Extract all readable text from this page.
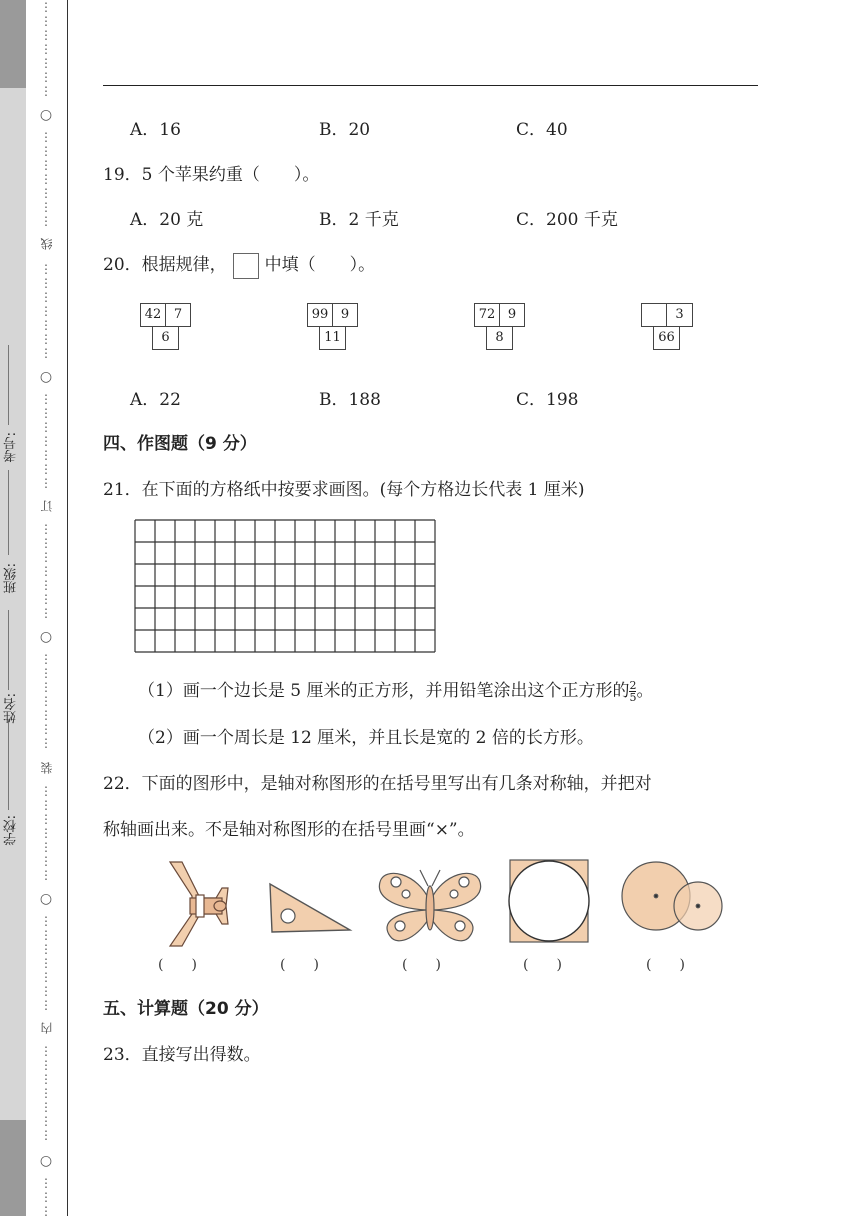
学校:
姓名:
班级:
考号:
⋮
⋮
⋮
⋮
⋮
⋮
⋮
○
⋮
⋮
⋮
⋮
⋮
⋮
⋮
线
⋮
⋮
⋮
⋮
⋮
⋮
⋮
○
⋮
⋮
⋮
⋮
⋮
⋮
⋮
订
⋮
⋮
⋮
⋮
⋮
⋮
⋮
○
⋮
⋮
⋮
⋮
⋮
⋮
⋮
装
⋮
⋮
⋮
⋮
⋮
⋮
⋮
○
⋮
⋮
⋮
⋮
⋮
⋮
⋮
内
⋮
⋮
⋮
⋮
⋮
⋮
⋮
○
⋮
⋮
⋮
A．16	B．20	C．40
19．5 个苹果约重（　　）。
A．20 克	B．2 千克	C．200 千克
20．根据规律， 中填（　　）。
42 7
6
99 9
11
72 9
8
3
66
A．22	B．188	C．198
四、作图题（9 分）
21．在下面的方格纸中按要求画图。(每个方格边长代表 1 厘米)
（1）画一个边长是 5 厘米的正方形，并用铅笔涂出这个正方形的 $\frac{2}{5}$ 。
（2）画一个周长是 12 厘米，并且长是宽的 2 倍的长方形。
22．下面的图形中，是轴对称图形的在括号里写出有几条对称轴，并把对
称轴画出来。不是轴对称图形的在括号里画“×”。
(　　)	(　　)	(　　)	(　　)	(　　)
五、计算题（20 分）
23．直接写出得数。
